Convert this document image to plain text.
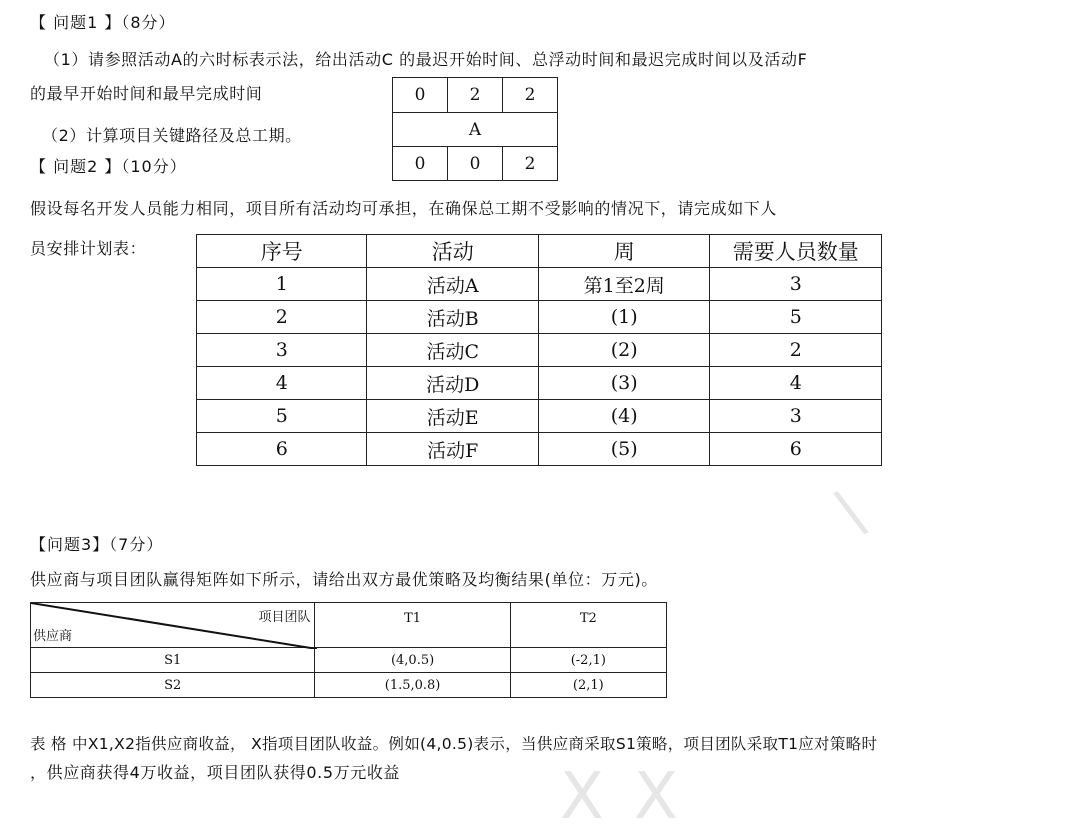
【 问题1 】（8分）
（1）请参照活动A的六时标表示法，给出活动C 的最迟开始时间、总浮动时间和最迟完成时间以及活动F
的最早开始时间和最早完成时间
（2）计算项目关键路径及总工期。
0	2	2
A		
0	0	2
【 问题2 】（10分）
假设每名开发人员能力相同，项目所有活动均可承担，在确保总工期不受影响的情况下，请完成如下人
员安排计划表：	序号	活动	周	需要人员数量
1	活动A	第1至2周	3
2	活动B	(1)	5
3	活动C	(2)	2
4	活动D	(3)	4
5	活动E	(4)	3
6	活动F	(5)	6
∖
【问题3】（7分）
供应商与项目团队赢得矩阵如下所示，请给出双方最优策略及均衡结果(单位：万元)。
项目团队
供应商	T1	T2
S1	(4,0.5)	(-2,1)
S2	(1.5,0.8)	(2,1)
表 格 中X1,X2指供应商收益， X指项目团队收益。例如(4,0.5)表示，当供应商采取S1策略，项目团队采取T1应对策略时
，供应商获得4万收益，项目团队获得0.5万元收益 XX
